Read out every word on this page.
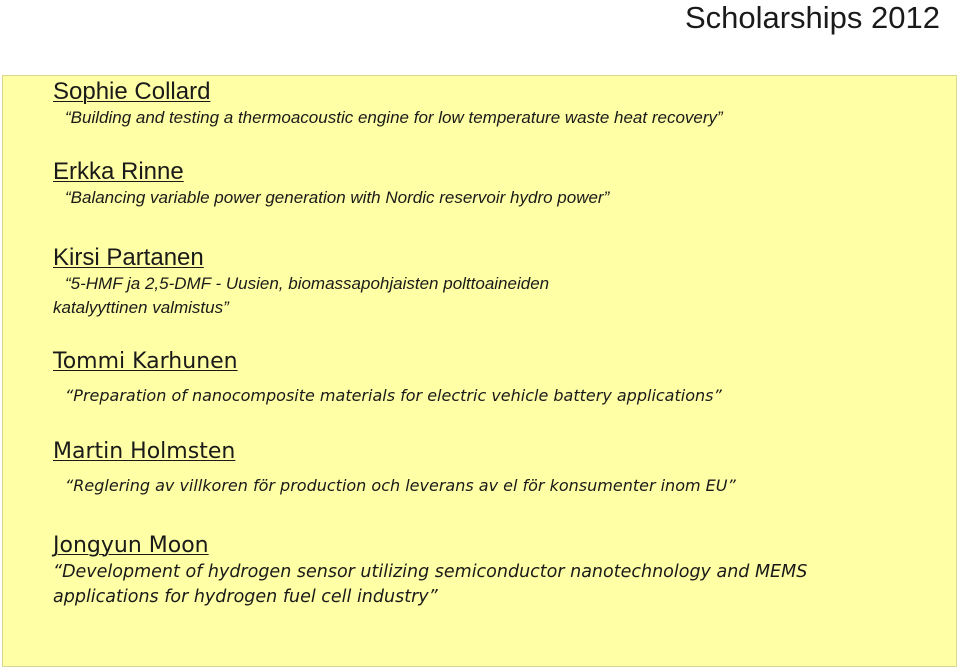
Scholarships 2012
Sophie Collard
“Building and testing a thermoacoustic engine for low temperature waste heat recovery”
Erkka Rinne
“Balancing variable power generation with Nordic reservoir hydro power”
Kirsi Partanen
“5-HMF ja 2,5-DMF - Uusien, biomassapohjaisten polttoaineiden
katalyyttinen valmistus”
Tommi Karhunen
“Preparation of nanocomposite materials for electric vehicle battery applications”
Martin Holmsten
“Reglering av villkoren för production och leverans av el för konsumenter inom EU”
Jongyun Moon
“Development of hydrogen sensor utilizing semiconductor nanotechnology and MEMS
applications for hydrogen fuel cell industry”
